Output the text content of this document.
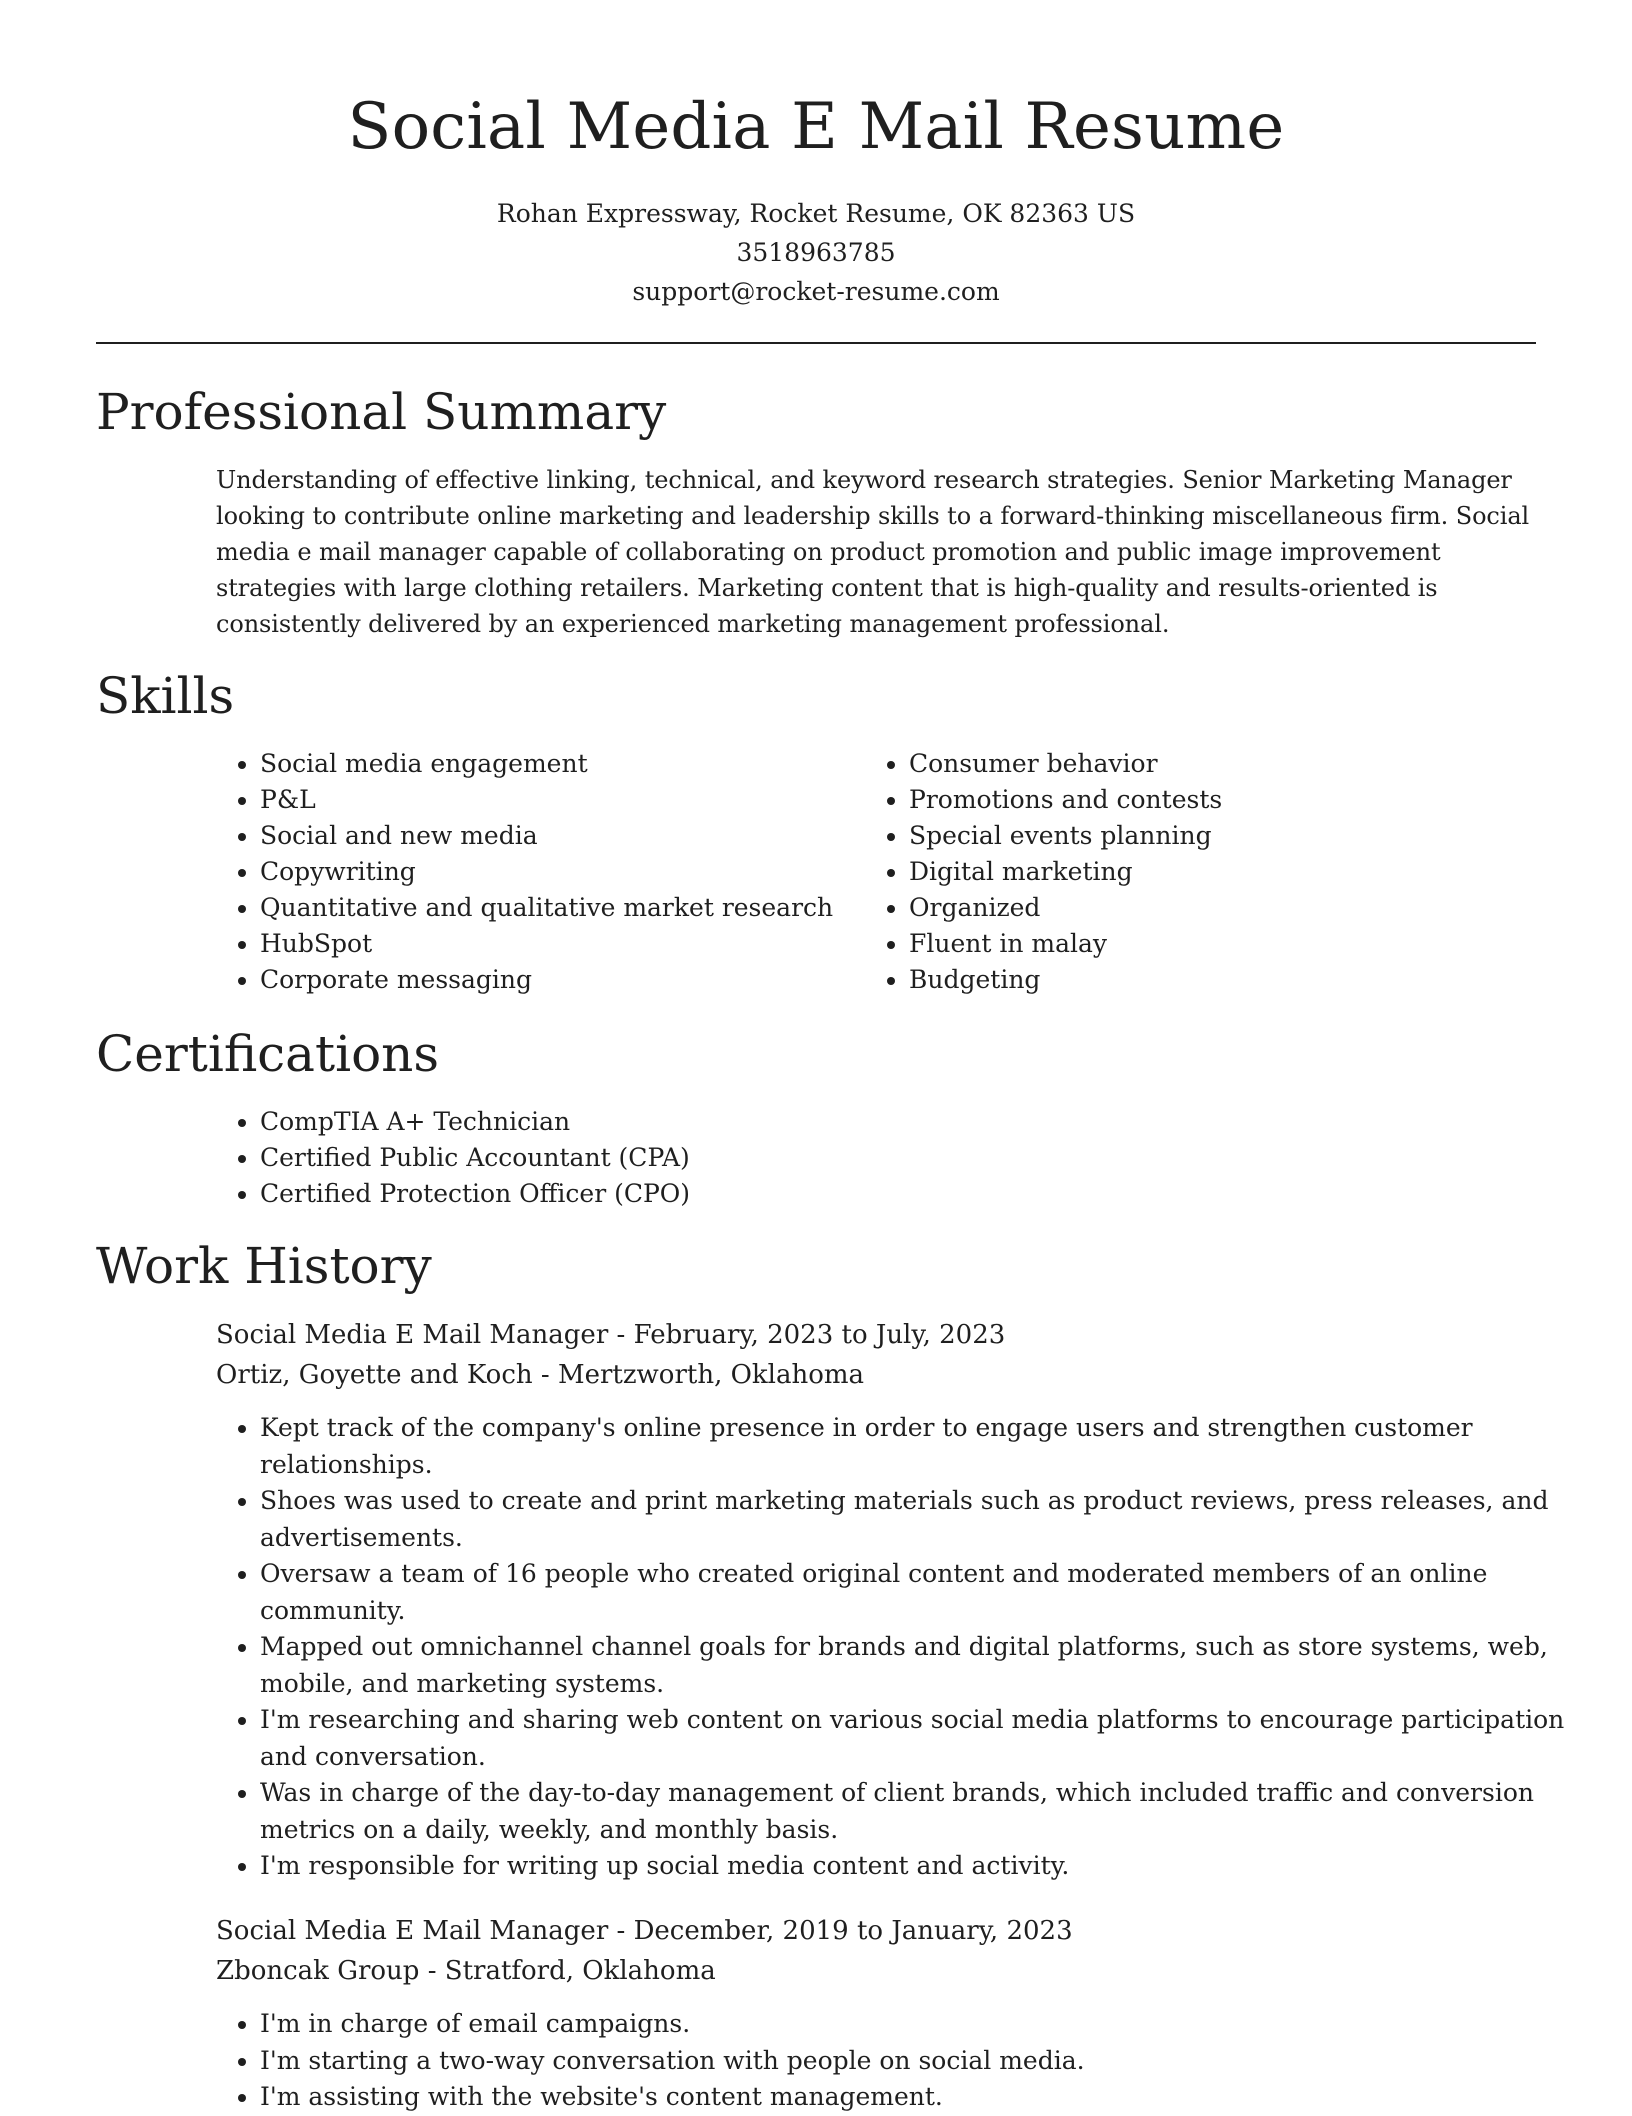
Social Media E Mail Resume
Rohan Expressway, Rocket Resume, OK 82363 US
3518963785
support@rocket-resume.com
Professional Summary

Understanding of effective linking, technical, and keyword research strategies. Senior Marketing Manager looking to contribute online marketing and leadership skills to a forward-thinking miscellaneous firm. Social media e mail manager capable of collaborating on product promotion and public image improvement strategies with large clothing retailers. Marketing content that is high-quality and results-oriented is consistently delivered by an experienced marketing management professional.

Skills
• Social media engagement
• P&L
• Social and new media
• Copywriting
• Quantitative and qualitative market research
• HubSpot
• Corporate messaging
• Consumer behavior
• Promotions and contests
• Special events planning
• Digital marketing
• Organized
• Fluent in malay
• Budgeting
Certifications
• CompTIA A+ Technician
• Certified Public Accountant (CPA)
• Certified Protection Officer (CPO)
Work History
Social Media E Mail Manager - February, 2023 to July, 2023
Ortiz, Goyette and Koch - Mertzworth, Oklahoma
• Kept track of the company's online presence in order to engage users and strengthen customer relationships.
• Shoes was used to create and print marketing materials such as product reviews, press releases, and advertisements.
• Oversaw a team of 16 people who created original content and moderated members of an online community.
• Mapped out omnichannel channel goals for brands and digital platforms, such as store systems, web, mobile, and marketing systems.
• I'm researching and sharing web content on various social media platforms to encourage participation and conversation.
• Was in charge of the day-to-day management of client brands, which included traffic and conversion metrics on a daily, weekly, and monthly basis.
• I'm responsible for writing up social media content and activity.
Social Media E Mail Manager - December, 2019 to January, 2023
Zboncak Group - Stratford, Oklahoma
• I'm in charge of email campaigns.
• I'm starting a two-way conversation with people on social media.
• I'm assisting with the website's content management.
